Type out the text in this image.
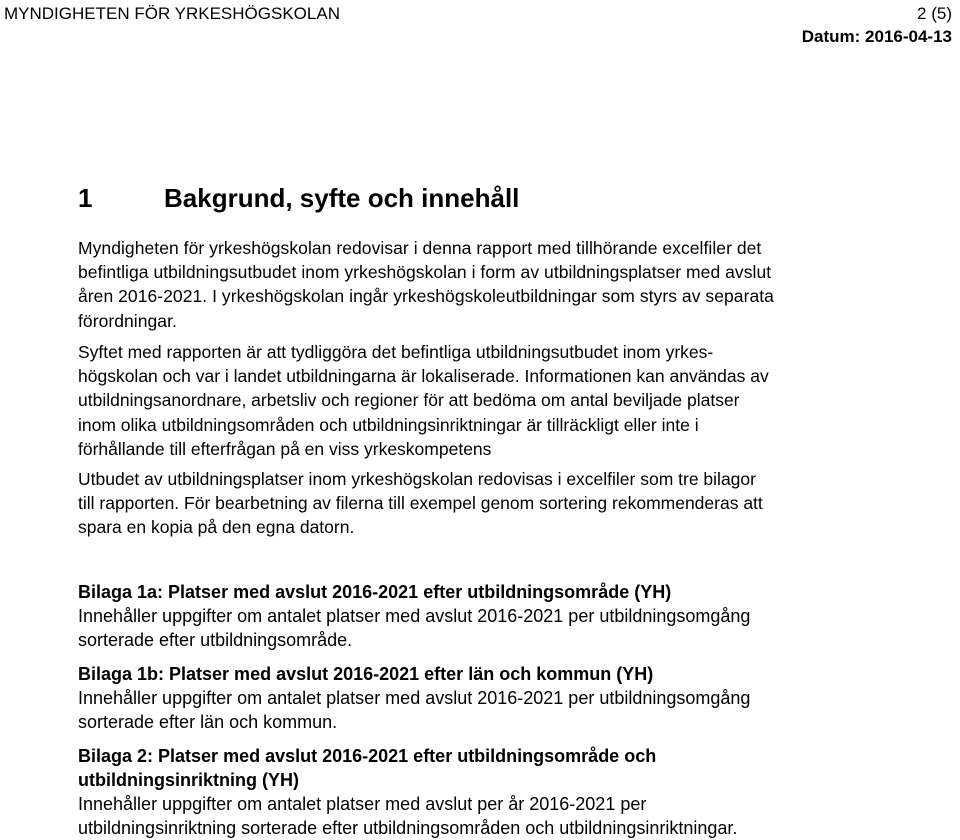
MYNDIGHETEN FÖR YRKESHÖGSKOLAN	2 (5)
Datum: 2016-04-13
1	Bakgrund, syfte och innehåll
Myndigheten för yrkeshögskolan redovisar i denna rapport med tillhörande excelfiler det
befintliga utbildningsutbudet inom yrkeshögskolan i form av utbildningsplatser med avslut
åren 2016-2021. I yrkeshögskolan ingår yrkeshögskoleutbildningar som styrs av separata
förordningar.
Syftet med rapporten är att tydliggöra det befintliga utbildningsutbudet inom yrkes-
högskolan och var i landet utbildningarna är lokaliserade. Informationen kan användas av
utbildningsanordnare, arbetsliv och regioner för att bedöma om antal beviljade platser
inom olika utbildningsområden och utbildningsinriktningar är tillräckligt eller inte i
förhållande till efterfrågan på en viss yrkeskompetens
Utbudet av utbildningsplatser inom yrkeshögskolan redovisas i excelfiler som tre bilagor
till rapporten. För bearbetning av filerna till exempel genom sortering rekommenderas att
spara en kopia på den egna datorn.
Bilaga 1a: Platser med avslut 2016-2021 efter utbildningsområde (YH)
Innehåller uppgifter om antalet platser med avslut 2016-2021 per utbildningsomgång
sorterade efter utbildningsområde.
Bilaga 1b: Platser med avslut 2016-2021 efter län och kommun (YH)
Innehåller uppgifter om antalet platser med avslut 2016-2021 per utbildningsomgång
sorterade efter län och kommun.
Bilaga 2: Platser med avslut 2016-2021 efter utbildningsområde och
utbildningsinriktning (YH)
Innehåller uppgifter om antalet platser med avslut per år 2016-2021 per
utbildningsinriktning sorterade efter utbildningsområden och utbildningsinriktningar.
